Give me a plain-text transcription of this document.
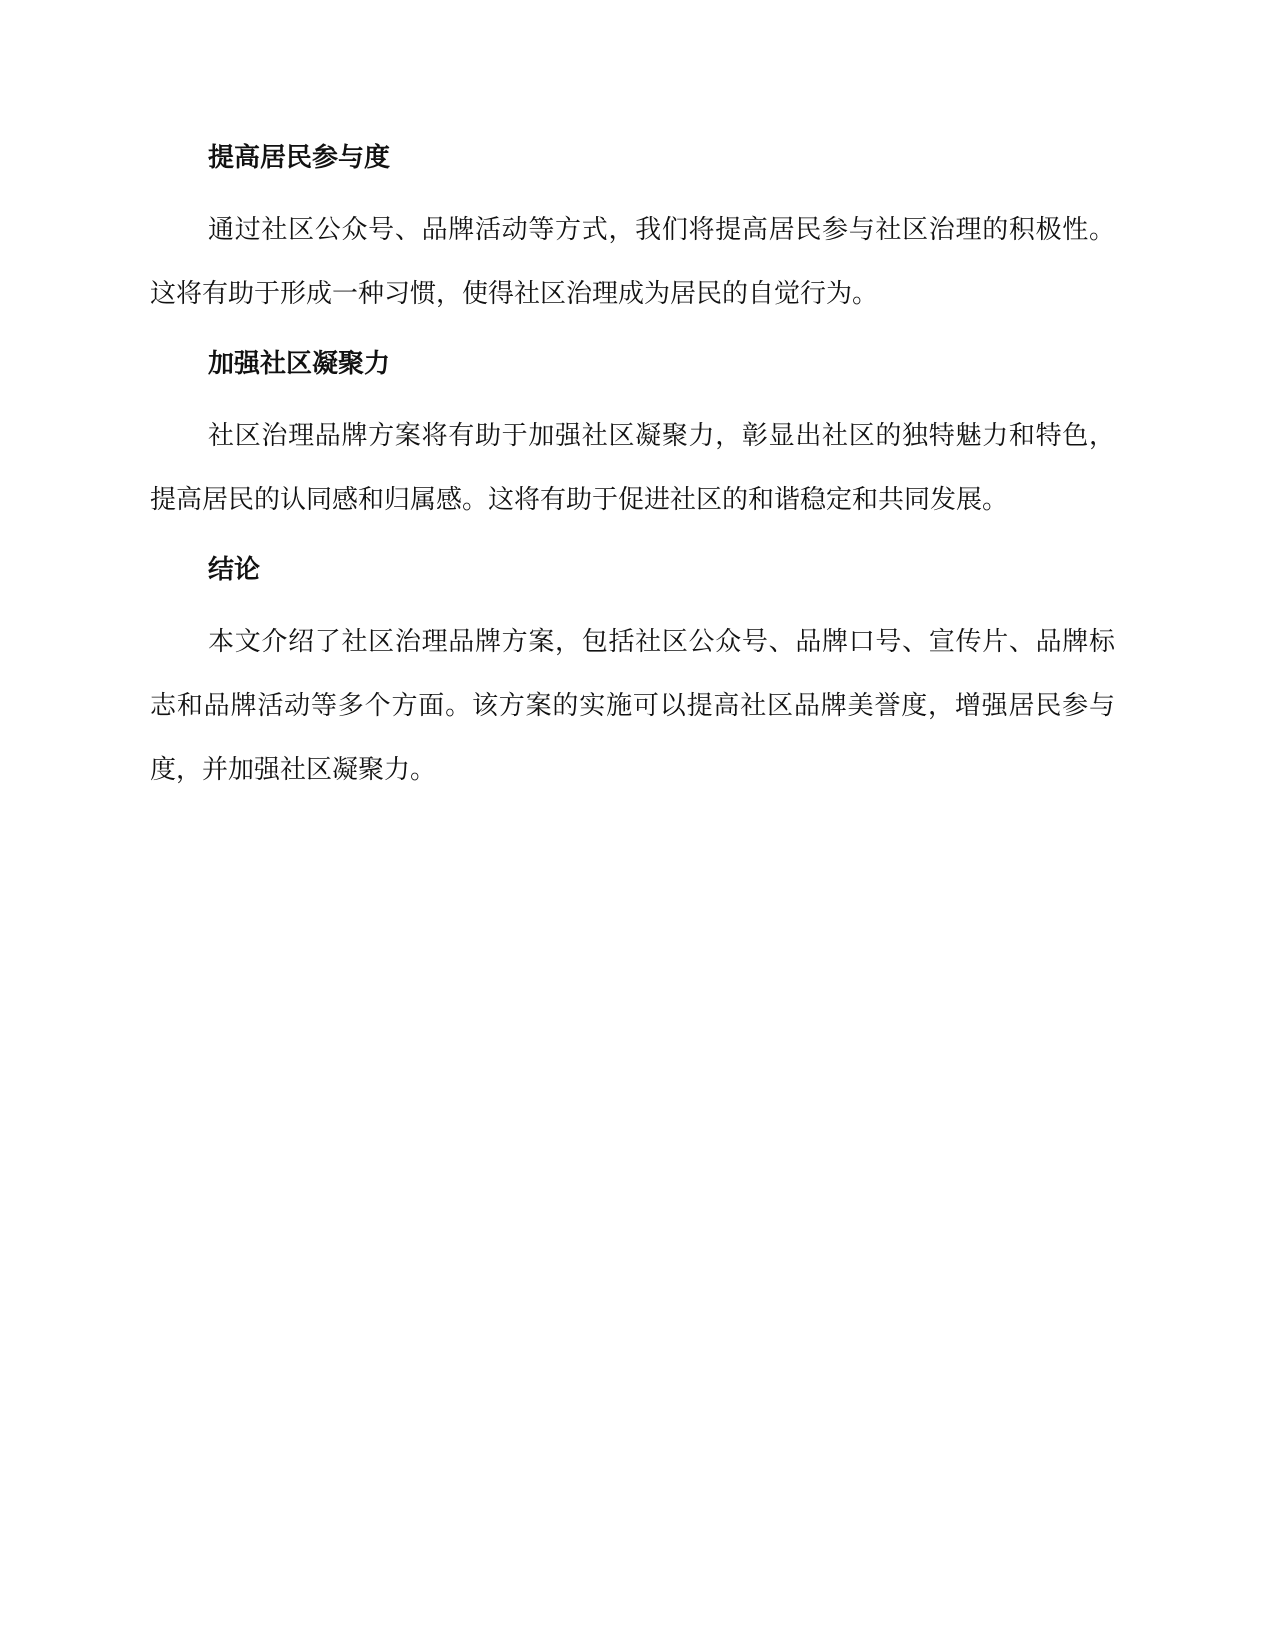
提高居民参与度

通过社区公众号、品牌活动等方式，我们将提高居民参与社区治理的积极性。这将有助于形成一种习惯，使得社区治理成为居民的自觉行为。

加强社区凝聚力

社区治理品牌方案将有助于加强社区凝聚力，彰显出社区的独特魅力和特色，提高居民的认同感和归属感。这将有助于促进社区的和谐稳定和共同发展。

结论

本文介绍了社区治理品牌方案，包括社区公众号、品牌口号、宣传片、品牌标志和品牌活动等多个方面。该方案的实施可以提高社区品牌美誉度，增强居民参与度，并加强社区凝聚力。
